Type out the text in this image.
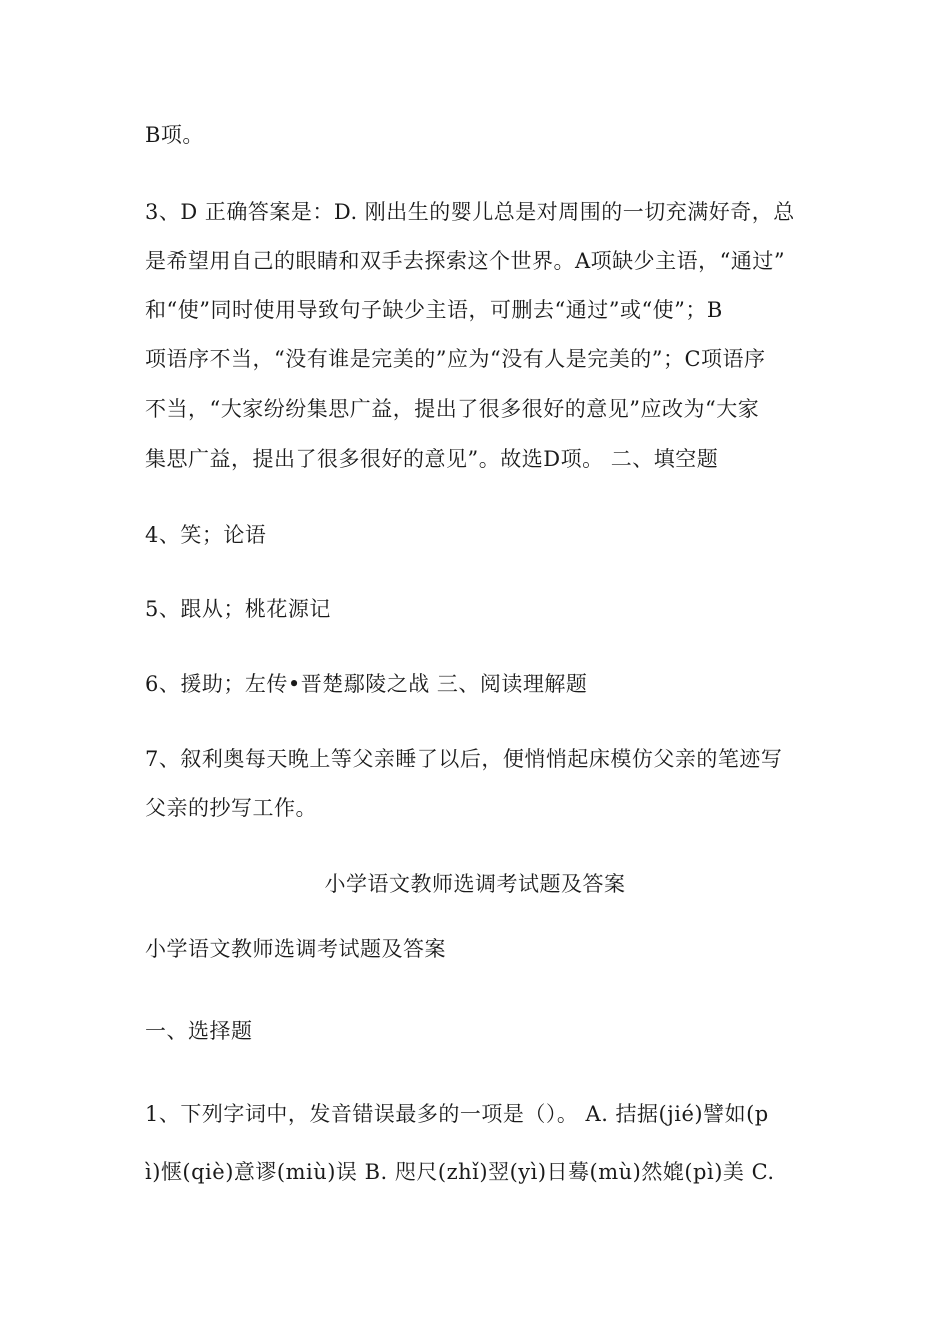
B项。
3、D 正确答案是：D. 刚出生的婴儿总是对周围的一切充满好奇，总
是希望用自己的眼睛和双手去探索这个世界。A项缺少主语，“通过”
和“使”同时使用导致句子缺少主语，可删去“通过”或“使”；B
项语序不当，“没有谁是完美的”应为“没有人是完美的”；C项语序
不当，“大家纷纷集思广益，提出了很多很好的意见”应改为“大家
集思广益，提出了很多很好的意见”。故选D项。 二、填空题
4、笑；论语
5、跟从；桃花源记
6、援助；左传•晋楚鄢陵之战 三、阅读理解题
7、叙利奥每天晚上等父亲睡了以后，便悄悄起床模仿父亲的笔迹写
父亲的抄写工作。
小学语文教师选调考试题及答案
小学语文教师选调考试题及答案
一、选择题
1、下列字词中，发音错误最多的一项是（）。 A. 拮据(jié)譬如(p
ì)惬(qiè)意谬(miù)误 B. 咫尺(zhǐ)翌(yì)日蓦(mù)然媲(pì)美 C.
